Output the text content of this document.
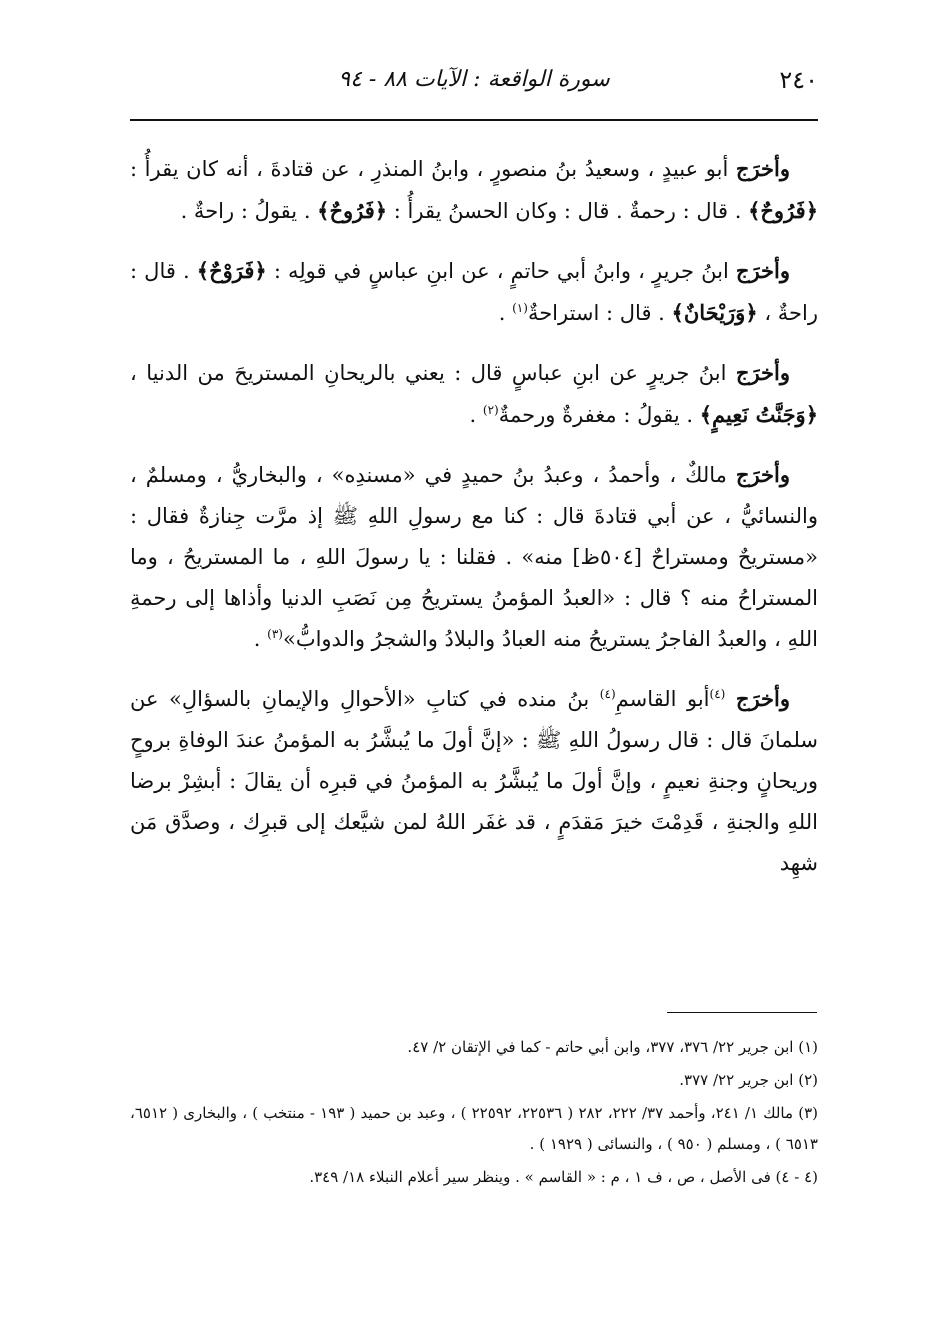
٢٤٠
سورة الواقعة : الآيات ٨٨ - ٩٤

وأخرَج أبو عبيدٍ ، وسعيدُ بنُ منصورٍ ، وابنُ المنذرِ ، عن قتادةَ ، أنه كان يقرأُ : ﴿فَرُوحٌ﴾ . قال : رحمةٌ . قال : وكان الحسنُ يقرأُ : ﴿فَرُوحٌ﴾ . يقولُ : راحةٌ .

وأخرَج ابنُ جريرٍ ، وابنُ أبي حاتمٍ ، عن ابنِ عباسٍ في قولِه : ﴿فَرَوْحٌ﴾ . قال : راحةٌ ، ﴿وَرَيْحَانٌ﴾ . قال : استراحةٌ$^{(١)}$ .

وأخرَج ابنُ جريرٍ عن ابنِ عباسٍ قال : يعني بالريحانِ المستريحَ من الدنيا ، ﴿وَجَنَّتُ نَعِيمٍ﴾ . يقولُ : مغفرةٌ ورحمةٌ$^{(٢)}$ .

وأخرَج مالكٌ ، وأحمدُ ، وعبدُ بنُ حميدٍ في «مسندِه» ، والبخاريُّ ، ومسلمٌ ، والنسائيُّ ، عن أبي قتادةَ قال : كنا مع رسولِ اللهِ ﷺ إذ مرَّت جِنازةٌ فقال : «مستريحٌ ومستراحٌ [٥٠٤ظ] منه» . فقلنا : يا رسولَ اللهِ ، ما المستريحُ ، وما المستراحُ منه ؟ قال : «العبدُ المؤمنُ يستريحُ مِن نَصَبِ الدنيا وأذاها إلى رحمةِ اللهِ ، والعبدُ الفاجرُ يستريحُ منه العبادُ والبلادُ والشجرُ والدوابُّ»$^{(٣)}$ .

وأخرَج $^{(٤)}$أبو القاسمِ$^{(٤)}$ بنُ منده في كتابِ «الأحوالِ والإيمانِ بالسؤالِ» عن سلمانَ قال : قال رسولُ اللهِ ﷺ : «إنَّ أولَ ما يُبشَّرُ به المؤمنُ عندَ الوفاةِ بروحٍ وريحانٍ وجنةِ نعيمٍ ، وإنَّ أولَ ما يُبشَّرُ به المؤمنُ في قبرِه أن يقالَ : أبشِرْ برضا اللهِ والجنةِ ، قَدِمْتَ خيرَ مَقدَمٍ ، قد غفَر اللهُ لمن شيَّعك إلى قبرِك ، وصدَّق مَن شهِد

(١) ابن جرير ٢٢/ ٣٧٦، ٣٧٧، وابن أبي حاتم - كما في الإتقان ٢/ ٤٧.
(٢) ابن جرير ٢٢/ ٣٧٧.
(٣) مالك ١/ ٢٤١، وأحمد ٣٧/ ٢٢٢، ٢٨٢ ( ٢٢٥٣٦، ٢٢٥٩٢ ) ، وعبد بن حميد ( ١٩٣ - منتخب ) ، والبخارى ( ٦٥١٢، ٦٥١٣ ) ، ومسلم ( ٩٥٠ ) ، والنسائى ( ١٩٢٩ ) .
(٤ - ٤) فى الأصل ، ص ، ف ١ ، م : « القاسم » . وينظر سير أعلام النبلاء ١٨/ ٣٤٩.
